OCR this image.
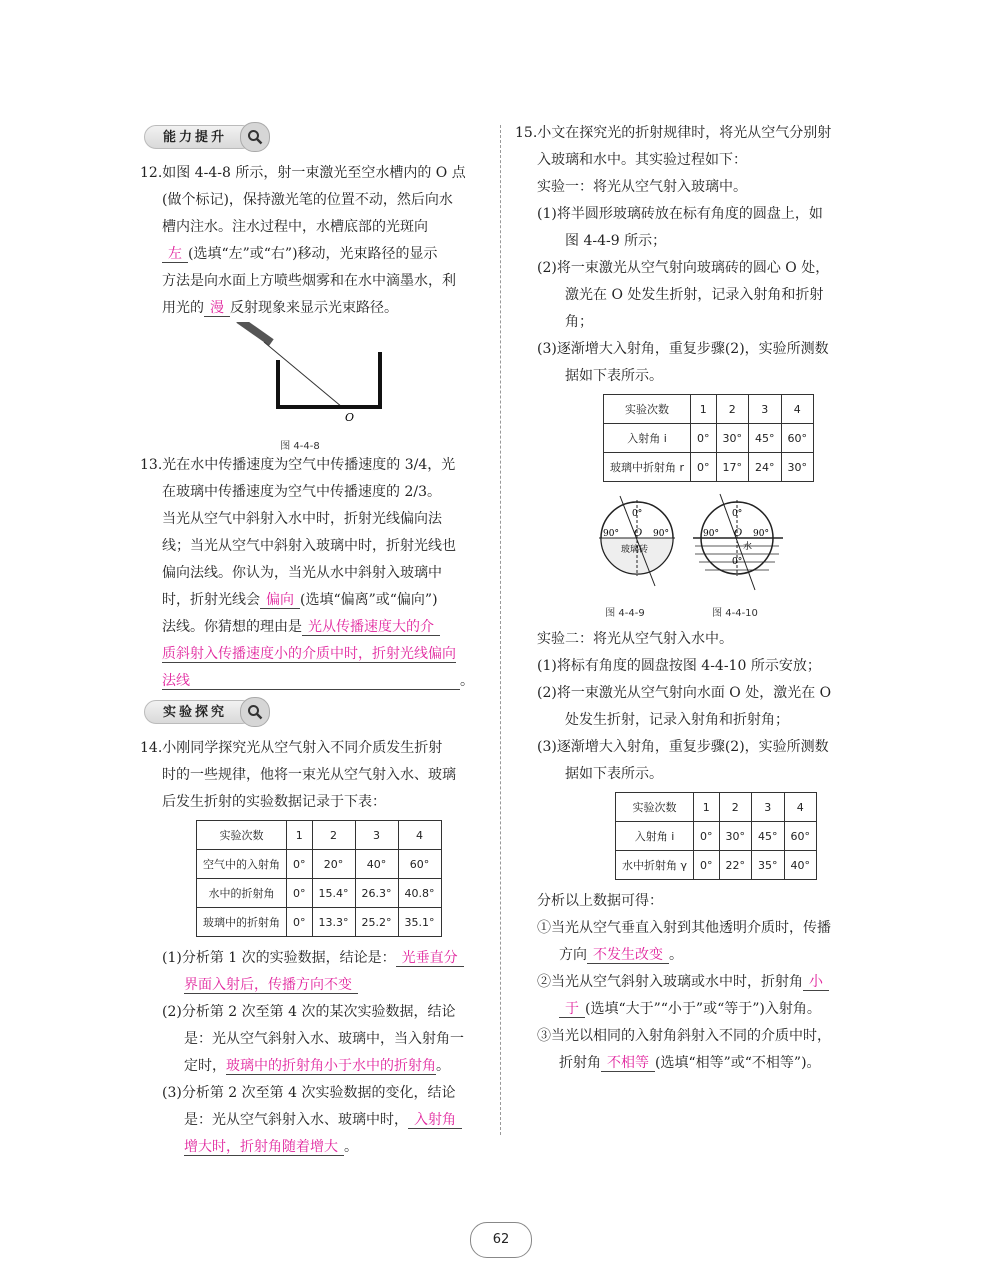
能力提升

12.如图 4-4-8 所示，射一束激光至空水槽内的 O 点

(做个标记)，保持激光笔的位置不动，然后向水

槽内注水。注水过程中，水槽底部的光斑向

左 (选填“左”或“右”)移动，光束路径的显示

方法是向水面上方喷些烟雾和在水中滴墨水，利

用光的 漫 反射现象来显示光束路径。

O
图 4-4-8

13.光在水中传播速度为空气中传播速度的 3/4，光

在玻璃中传播速度为空气中传播速度的 2/3。

当光从空气中斜射入水中时，折射光线偏向法

线；当光从空气中斜射入玻璃中时，折射光线也

偏向法线。你认为，当光从水中斜射入玻璃中

时，折射光线会 偏向 (选填“偏离”或“偏向”)

法线。你猜想的理由是 光从传播速度大的介

质斜射入传播速度小的介质中时，折射光线偏向

法线	。

实验探究

14.小刚同学探究光从空气射入不同介质发生折射

时的一些规律，他将一束光从空气射入水、玻璃

后发生折射的实验数据记录于下表：

实验次数	1	2	3	4
空气中的入射角	0°	20°	40°	60°
水中的折射角	0°	15.4°	26.3°	40.8°
玻璃中的折射角	0°	13.3°	25.2°	35.1°

(1)分析第 1 次的实验数据，结论是： 光垂直分

界面入射后，传播方向不变

(2)分析第 2 次至第 4 次的某次实验数据，结论

是：光从空气斜射入水、玻璃中，当入射角一

定时，玻璃中的折射角小于水中的折射角。

(3)分析第 2 次至第 4 次实验数据的变化，结论

是：光从空气斜射入水、玻璃中时， 入射角

增大时，折射角随着增大 。

15.小文在探究光的折射规律时，将光从空气分别射

入玻璃和水中。其实验过程如下：

实验一：将光从空气射入玻璃中。

(1)将半圆形玻璃砖放在标有角度的圆盘上，如

图 4-4-9 所示；

(2)将一束激光从空气射向玻璃砖的圆心 O 处，

激光在 O 处发生折射，记录入射角和折射

角；

(3)逐渐增大入射角，重复步骤(2)，实验所测数

据如下表所示。

实验次数	1	2	3	4
入射角 i	0°	30°	45°	60°
玻璃中折射角 r	0°	17°	24°	30°
0°
90°	90°
O
玻璃砖
0°
90°	90°
O
水
0°
图 4-4-9	图 4-4-10

实验二：将光从空气射入水中。

(1)将标有角度的圆盘按图 4-4-10 所示安放；

(2)将一束激光从空气射向水面 O 处，激光在 O

处发生折射，记录入射角和折射角；

(3)逐渐增大入射角，重复步骤(2)，实验所测数

据如下表所示。

实验次数	1	2	3	4
入射角 i	0°	30°	45°	60°
水中折射角 γ	0°	22°	35°	40°

分析以上数据可得：

①当光从空气垂直入射到其他透明介质时，传播

方向 不发生改变 。

②当光从空气斜射入玻璃或水中时，折射角 小

于 (选填“大于”“小于”或“等于”)入射角。

③当光以相同的入射角斜射入不同的介质中时，

折射角 不相等 (选填“相等”或“不相等”)。

62
